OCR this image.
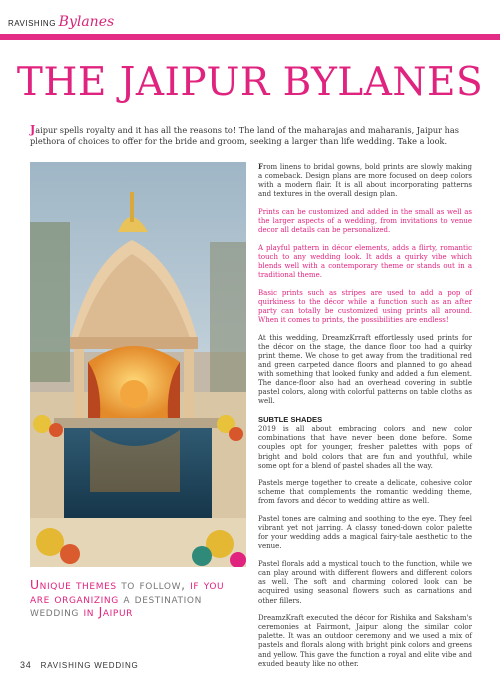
RAVISHING Bylanes
THE JAIPUR BYLANES
Jaipur spells royalty and it has all the reasons to! The land of the maharajas and maharanis, Jaipur has plethora of choices to offer for the bride and groom, seeking a larger than life wedding. Take a look.

From linens to bridal gowns, bold prints are slowly making a comeback. Design plans are more focused on deep colors with a modern flair. It is all about incorporating patterns and textures in the overall design plan.

Prints can be customized and added in the small as well as the larger aspects of a wedding, from invitations to venue decor all details can be personalized.

A playful pattern in décor elements, adds a flirty, romantic touch to any wedding look. It adds a quirky vibe which blends well with a contemporary theme or stands out in a traditional theme.

Basic prints such as stripes are used to add a pop of quirkiness to the décor while a function such as an after party can totally be customized using prints all around. When it comes to prints, the possibilities are endless!

At this wedding, DreamzKrraft effortlessly used prints for the décor on the stage, the dance floor too had a quirky print theme. We chose to get away from the traditional red and green carpeted dance floors and planned to go ahead with something that looked funky and added a fun element. The dance-floor also had an overhead covering in subtle pastel colors, along with colorful patterns on table cloths as well.

SUBTLE SHADES

2019 is all about embracing colors and new color combinations that have never been done before. Some couples opt for younger, fresher palettes with pops of bright and bold colors that are fun and youthful, while some opt for a blend of pastel shades all the way.

Pastels merge together to create a delicate, cohesive color scheme that complements the romantic wedding theme, from favors and décor to wedding attire as well.

Pastel tones are calming and soothing to the eye. They feel vibrant yet not jarring. A classy toned-down color palette for your wedding adds a magical fairy-tale aesthetic to the venue.

Pastel florals add a mystical touch to the function, while we can play around with different flowers and different colors as well. The soft and charming colored look can be acquired using seasonal flowers such as carnations and other fillers.

DreamzKraft executed the décor for Rishika and Saksham's ceremonies at Fairmont, Jaipur along the similar color palette. It was an outdoor ceremony and we used a mix of pastels and florals along with bright pink colors and greens and yellow. This gave the function a royal and elite vibe and exuded beauty like no other.

Unique themes to follow, if you are organizing a destination wedding in Jaipur
34 RAVISHING WEDDING
